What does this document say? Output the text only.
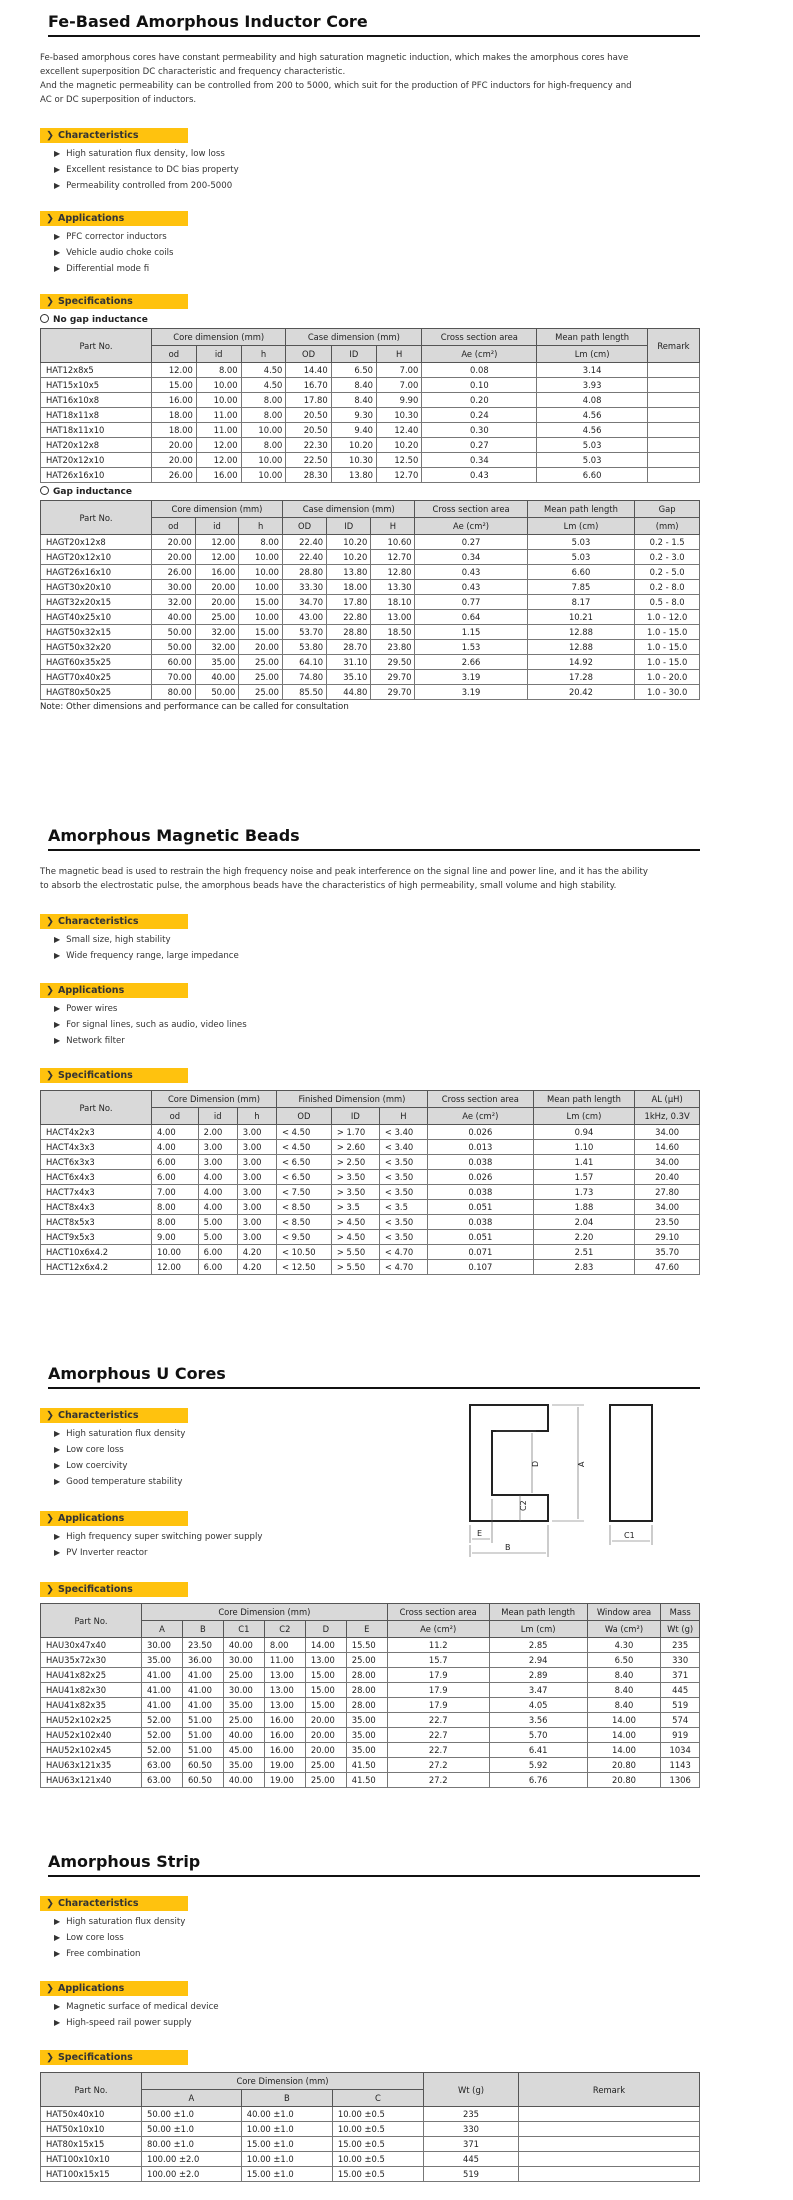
Fe-Based Amorphous Inductor Core

Fe-based amorphous cores have constant permeability and high saturation magnetic induction, which makes the amorphous cores have

excellent superposition DC characteristic and frequency characteristic.

And the magnetic permeability can be controlled from 200 to 5000, which suit for the production of PFC inductors for high-frequency and

AC or DC superposition of inductors.

❯ Characteristics
▶ High saturation flux density, low loss
▶ Excellent resistance to DC bias property
▶ Permeability controlled from 200-5000
❯ Applications
▶ PFC corrector inductors
▶ Vehicle audio choke coils
▶ Differential mode fi
❯ Specifications
No gap inductance
Part No.	Core dimension (mm)			Case dimension (mm)			Cross section area	Mean path length	Remark
	od	id	h	OD	ID	H	Ae (cm²)	Lm (cm)	
HAT12x8x5	12.00	8.00	4.50	14.40	6.50	7.00	0.08	3.14	
HAT15x10x5	15.00	10.00	4.50	16.70	8.40	7.00	0.10	3.93	
HAT16x10x8	16.00	10.00	8.00	17.80	8.40	9.90	0.20	4.08	
HAT18x11x8	18.00	11.00	8.00	20.50	9.30	10.30	0.24	4.56	
HAT18x11x10	18.00	11.00	10.00	20.50	9.40	12.40	0.30	4.56	
HAT20x12x8	20.00	12.00	8.00	22.30	10.20	10.20	0.27	5.03	
HAT20x12x10	20.00	12.00	10.00	22.50	10.30	12.50	0.34	5.03	
HAT26x16x10	26.00	16.00	10.00	28.30	13.80	12.70	0.43	6.60	
Gap inductance
Part No.	Core dimension (mm)			Case dimension (mm)			Cross section area	Mean path length	Gap
	od	id	h	OD	ID	H	Ae (cm²)	Lm (cm)	(mm)
HAGT20x12x8	20.00	12.00	8.00	22.40	10.20	10.60	0.27	5.03	0.2 - 1.5
HAGT20x12x10	20.00	12.00	10.00	22.40	10.20	12.70	0.34	5.03	0.2 - 3.0
HAGT26x16x10	26.00	16.00	10.00	28.80	13.80	12.80	0.43	6.60	0.2 - 5.0
HAGT30x20x10	30.00	20.00	10.00	33.30	18.00	13.30	0.43	7.85	0.2 - 8.0
HAGT32x20x15	32.00	20.00	15.00	34.70	17.80	18.10	0.77	8.17	0.5 - 8.0
HAGT40x25x10	40.00	25.00	10.00	43.00	22.80	13.00	0.64	10.21	1.0 - 12.0
HAGT50x32x15	50.00	32.00	15.00	53.70	28.80	18.50	1.15	12.88	1.0 - 15.0
HAGT50x32x20	50.00	32.00	20.00	53.80	28.70	23.80	1.53	12.88	1.0 - 15.0
HAGT60x35x25	60.00	35.00	25.00	64.10	31.10	29.50	2.66	14.92	1.0 - 15.0
HAGT70x40x25	70.00	40.00	25.00	74.80	35.10	29.70	3.19	17.28	1.0 - 20.0
HAGT80x50x25	80.00	50.00	25.00	85.50	44.80	29.70	3.19	20.42	1.0 - 30.0
Note: Other dimensions and performance can be called for consultation
Amorphous Magnetic Beads

The magnetic bead is used to restrain the high frequency noise and peak interference on the signal line and power line, and it has the ability

to absorb the electrostatic pulse, the amorphous beads have the characteristics of high permeability, small volume and high stability.

❯ Characteristics
▶ Small size, high stability
▶ Wide frequency range, large impedance
❯ Applications
▶ Power wires
▶ For signal lines, such as audio, video lines
▶ Network filter
❯ Specifications
Part No.	Core Dimension (mm)			Finished Dimension (mm)			Cross section area	Mean path length	AL (μH)
	od	id	h	OD	ID	H	Ae (cm²)	Lm (cm)	1kHz, 0.3V
HACT4x2x3	4.00	2.00	3.00	< 4.50	> 1.70	< 3.40	0.026	0.94	34.00
HACT4x3x3	4.00	3.00	3.00	< 4.50	> 2.60	< 3.40	0.013	1.10	14.60
HACT6x3x3	6.00	3.00	3.00	< 6.50	> 2.50	< 3.50	0.038	1.41	34.00
HACT6x4x3	6.00	4.00	3.00	< 6.50	> 3.50	< 3.50	0.026	1.57	20.40
HACT7x4x3	7.00	4.00	3.00	< 7.50	> 3.50	< 3.50	0.038	1.73	27.80
HACT8x4x3	8.00	4.00	3.00	< 8.50	> 3.5	< 3.5	0.051	1.88	34.00
HACT8x5x3	8.00	5.00	3.00	< 8.50	> 4.50	< 3.50	0.038	2.04	23.50
HACT9x5x3	9.00	5.00	3.00	< 9.50	> 4.50	< 3.50	0.051	2.20	29.10
HACT10x6x4.2	10.00	6.00	4.20	< 10.50	> 5.50	< 4.70	0.071	2.51	35.70
HACT12x6x4.2	12.00	6.00	4.20	< 12.50	> 5.50	< 4.70	0.107	2.83	47.60
Amorphous U Cores
❯ Characteristics
▶ High saturation flux density
▶ Low core loss
▶ Low coercivity
▶ Good temperature stability
❯ Applications
▶ High frequency super switching power supply
▶ PV Inverter reactor
❯ Specifications
Part No.	Core Dimension (mm)						Cross section area	Mean path length	Window area	Mass
	A	B	C1	C2	D	E	Ae (cm²)	Lm (cm)	Wa (cm²)	Wt (g)
HAU30x47x40	30.00	23.50	40.00	8.00	14.00	15.50	11.2	2.85	4.30	235
HAU35x72x30	35.00	36.00	30.00	11.00	13.00	25.00	15.7	2.94	6.50	330
HAU41x82x25	41.00	41.00	25.00	13.00	15.00	28.00	17.9	2.89	8.40	371
HAU41x82x30	41.00	41.00	30.00	13.00	15.00	28.00	17.9	3.47	8.40	445
HAU41x82x35	41.00	41.00	35.00	13.00	15.00	28.00	17.9	4.05	8.40	519
HAU52x102x25	52.00	51.00	25.00	16.00	20.00	35.00	22.7	3.56	14.00	574
HAU52x102x40	52.00	51.00	40.00	16.00	20.00	35.00	22.7	5.70	14.00	919
HAU52x102x45	52.00	51.00	45.00	16.00	20.00	35.00	22.7	6.41	14.00	1034
HAU63x121x35	63.00	60.50	35.00	19.00	25.00	41.50	27.2	5.92	20.80	1143
HAU63x121x40	63.00	60.50	40.00	19.00	25.00	41.50	27.2	6.76	20.80	1306
A
D
C2
E
B
C1
Amorphous Strip
❯ Characteristics
▶ High saturation flux density
▶ Low core loss
▶ Free combination
❯ Applications
▶ Magnetic surface of medical device
▶ High-speed rail power supply
❯ Specifications
Part No.	Core Dimension (mm)			Wt (g)	Remark
	A	B	C		
HAT50x40x10	50.00 ±1.0	40.00 ±1.0	10.00 ±0.5	235	
HAT50x10x10	50.00 ±1.0	10.00 ±1.0	10.00 ±0.5	330	
HAT80x15x15	80.00 ±1.0	15.00 ±1.0	15.00 ±0.5	371	
HAT100x10x10	100.00 ±2.0	10.00 ±1.0	10.00 ±0.5	445	
HAT100x15x15	100.00 ±2.0	15.00 ±1.0	15.00 ±0.5	519	
